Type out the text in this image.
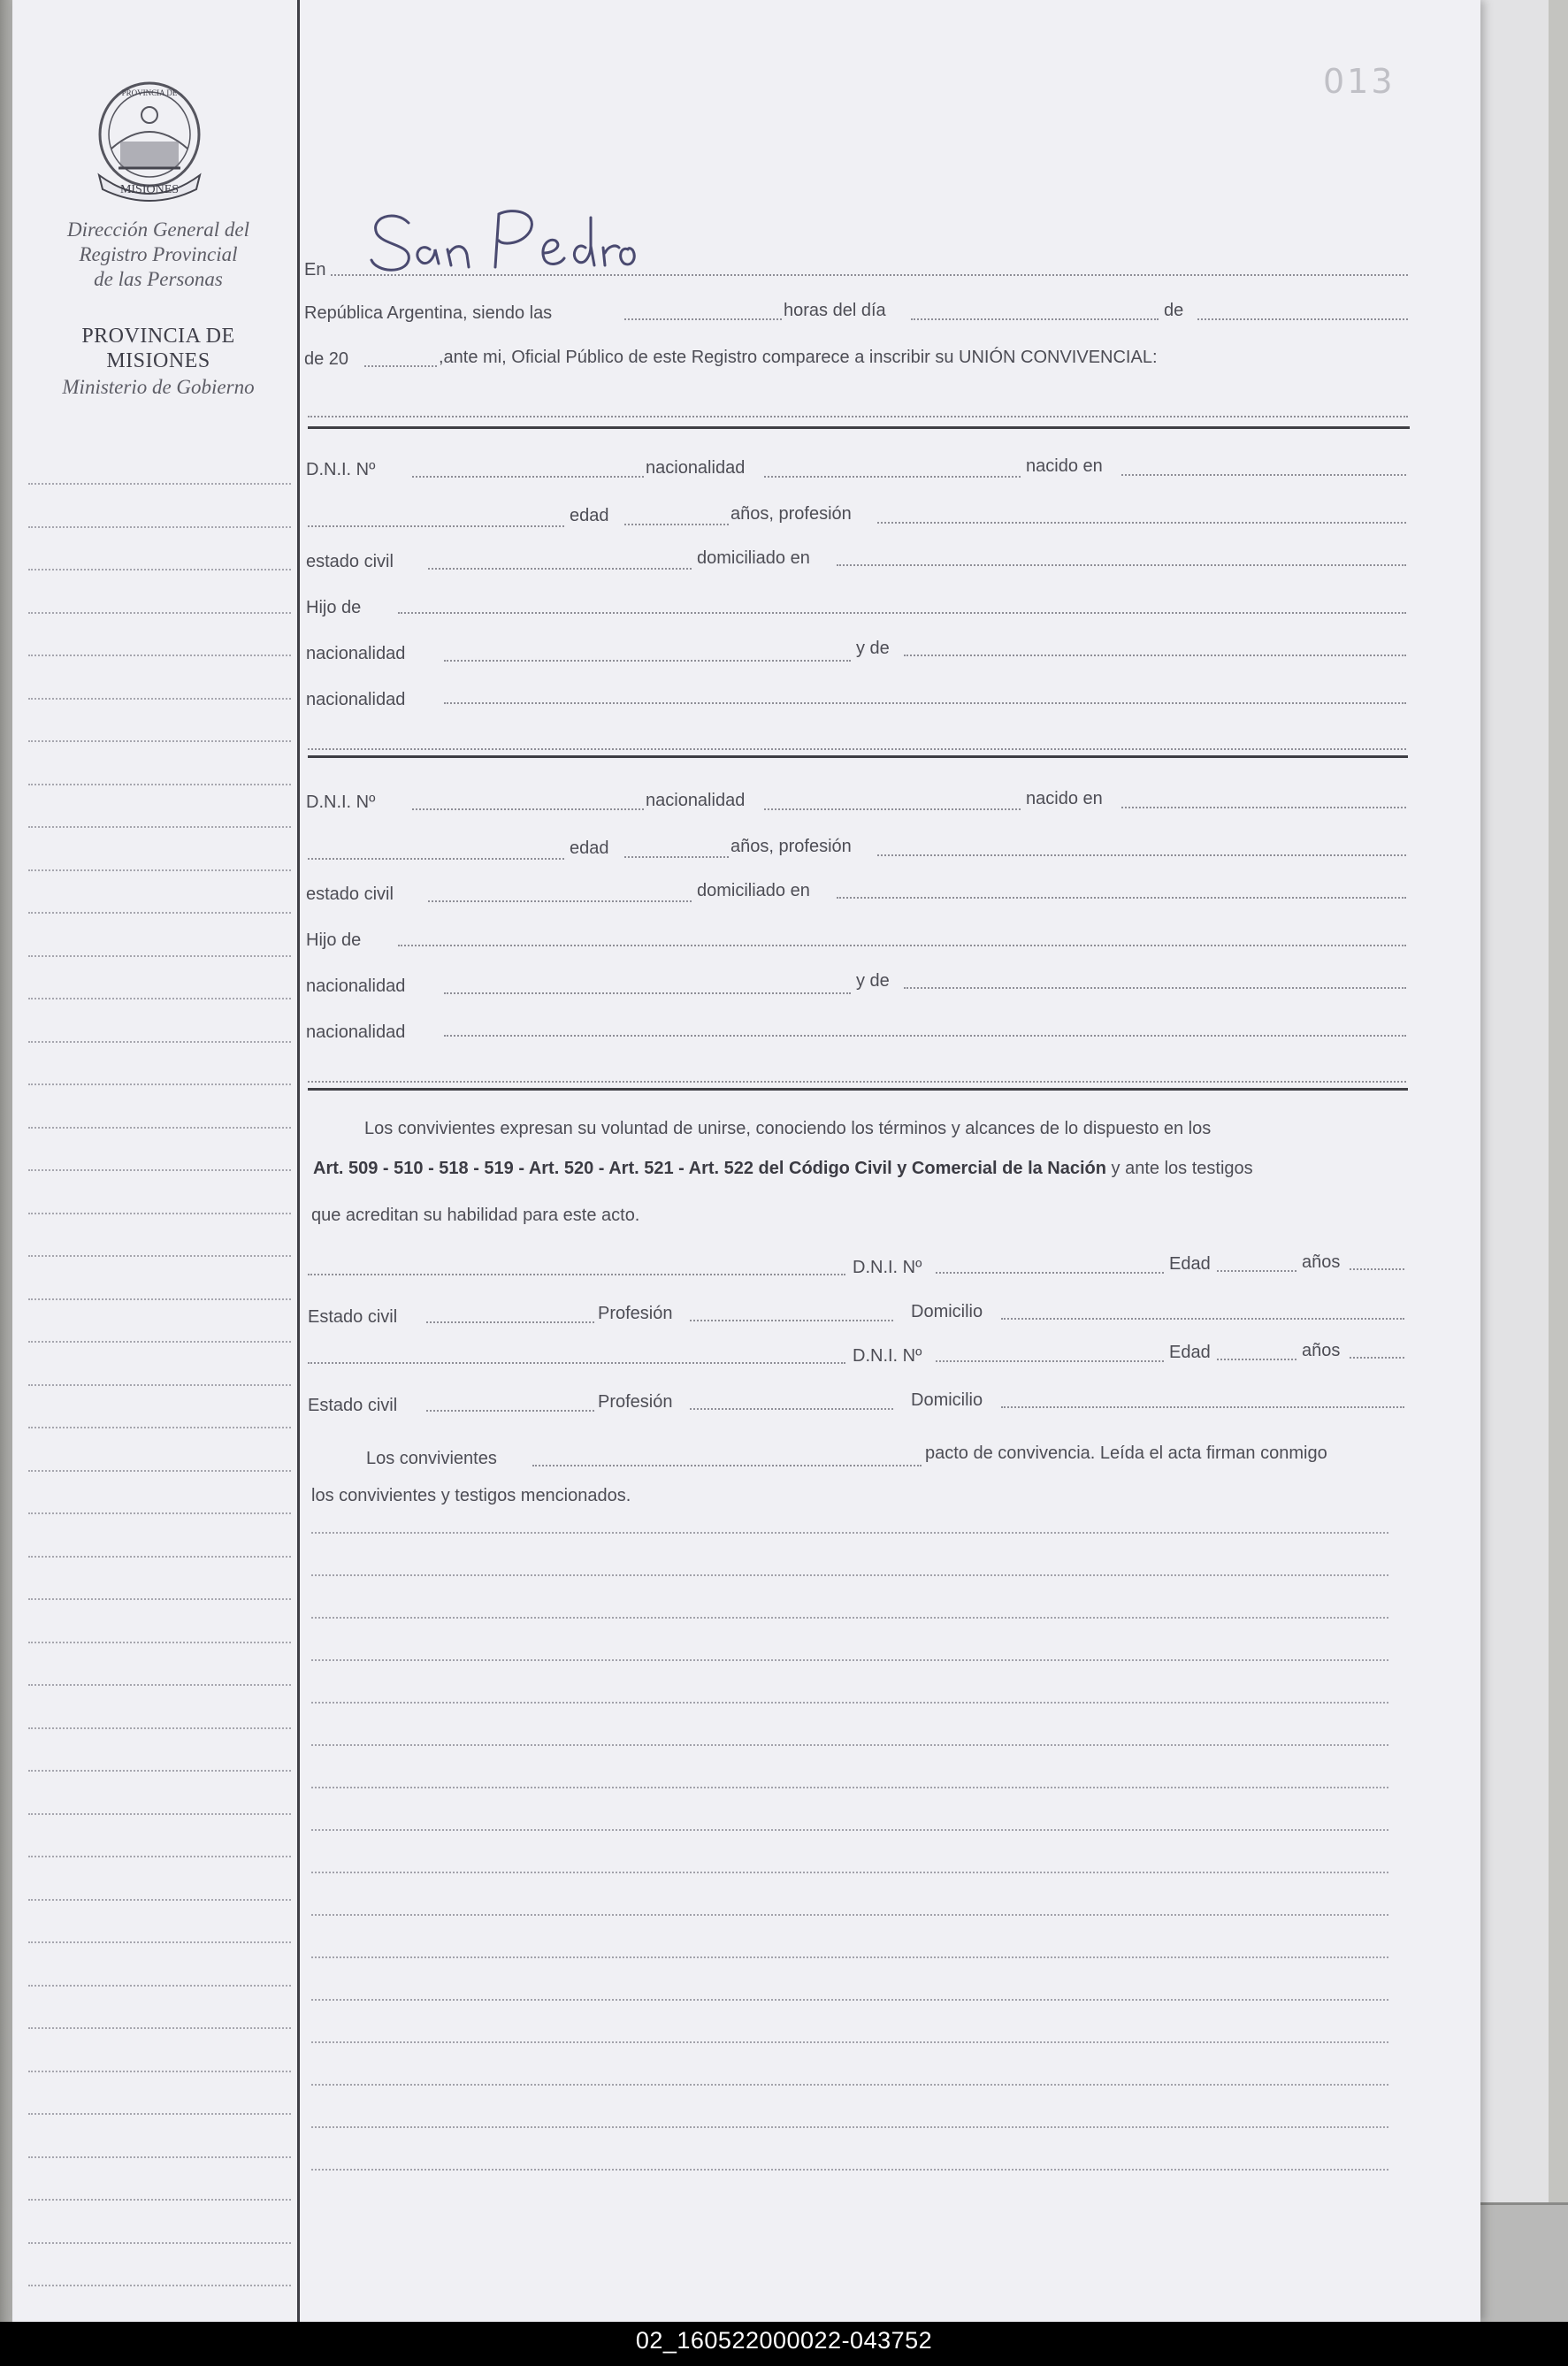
013
MISIONES
PROVINCIA DE
Dirección General del
Registro Provincial
de las Personas
PROVINCIA DE
MISIONES
Ministerio de Gobierno
En
San Pedro
República Argentina, siendo las	horas del día	de
de 20	,ante mi, Oficial Público de este Registro comparece a inscribir su UNIÓN CONVIVENCIAL:
D.N.I. Nº	nacionalidad	nacido en
edad	años, profesión
estado civil	domiciliado en
Hijo de
nacionalidad	y de
nacionalidad
D.N.I. Nº	nacionalidad	nacido en
edad	años, profesión
estado civil	domiciliado en
Hijo de
nacionalidad	y de
nacionalidad
Los convivientes expresan su voluntad de unirse, conociendo los términos y alcances de lo dispuesto en los
Art. 509 - 510 - 518 - 519 - Art. 520 - Art. 521 - Art. 522 del Código Civil y Comercial de la Nación y ante los testigos
que acreditan su habilidad para este acto.
D.N.I. Nº	Edad	años
Estado civil	Profesión	Domicilio
D.N.I. Nº	Edad	años
Estado civil	Profesión	Domicilio
Los convivientes	pacto de convivencia. Leída el acta firman conmigo
los convivientes y testigos mencionados.
02_160522000022-043752
